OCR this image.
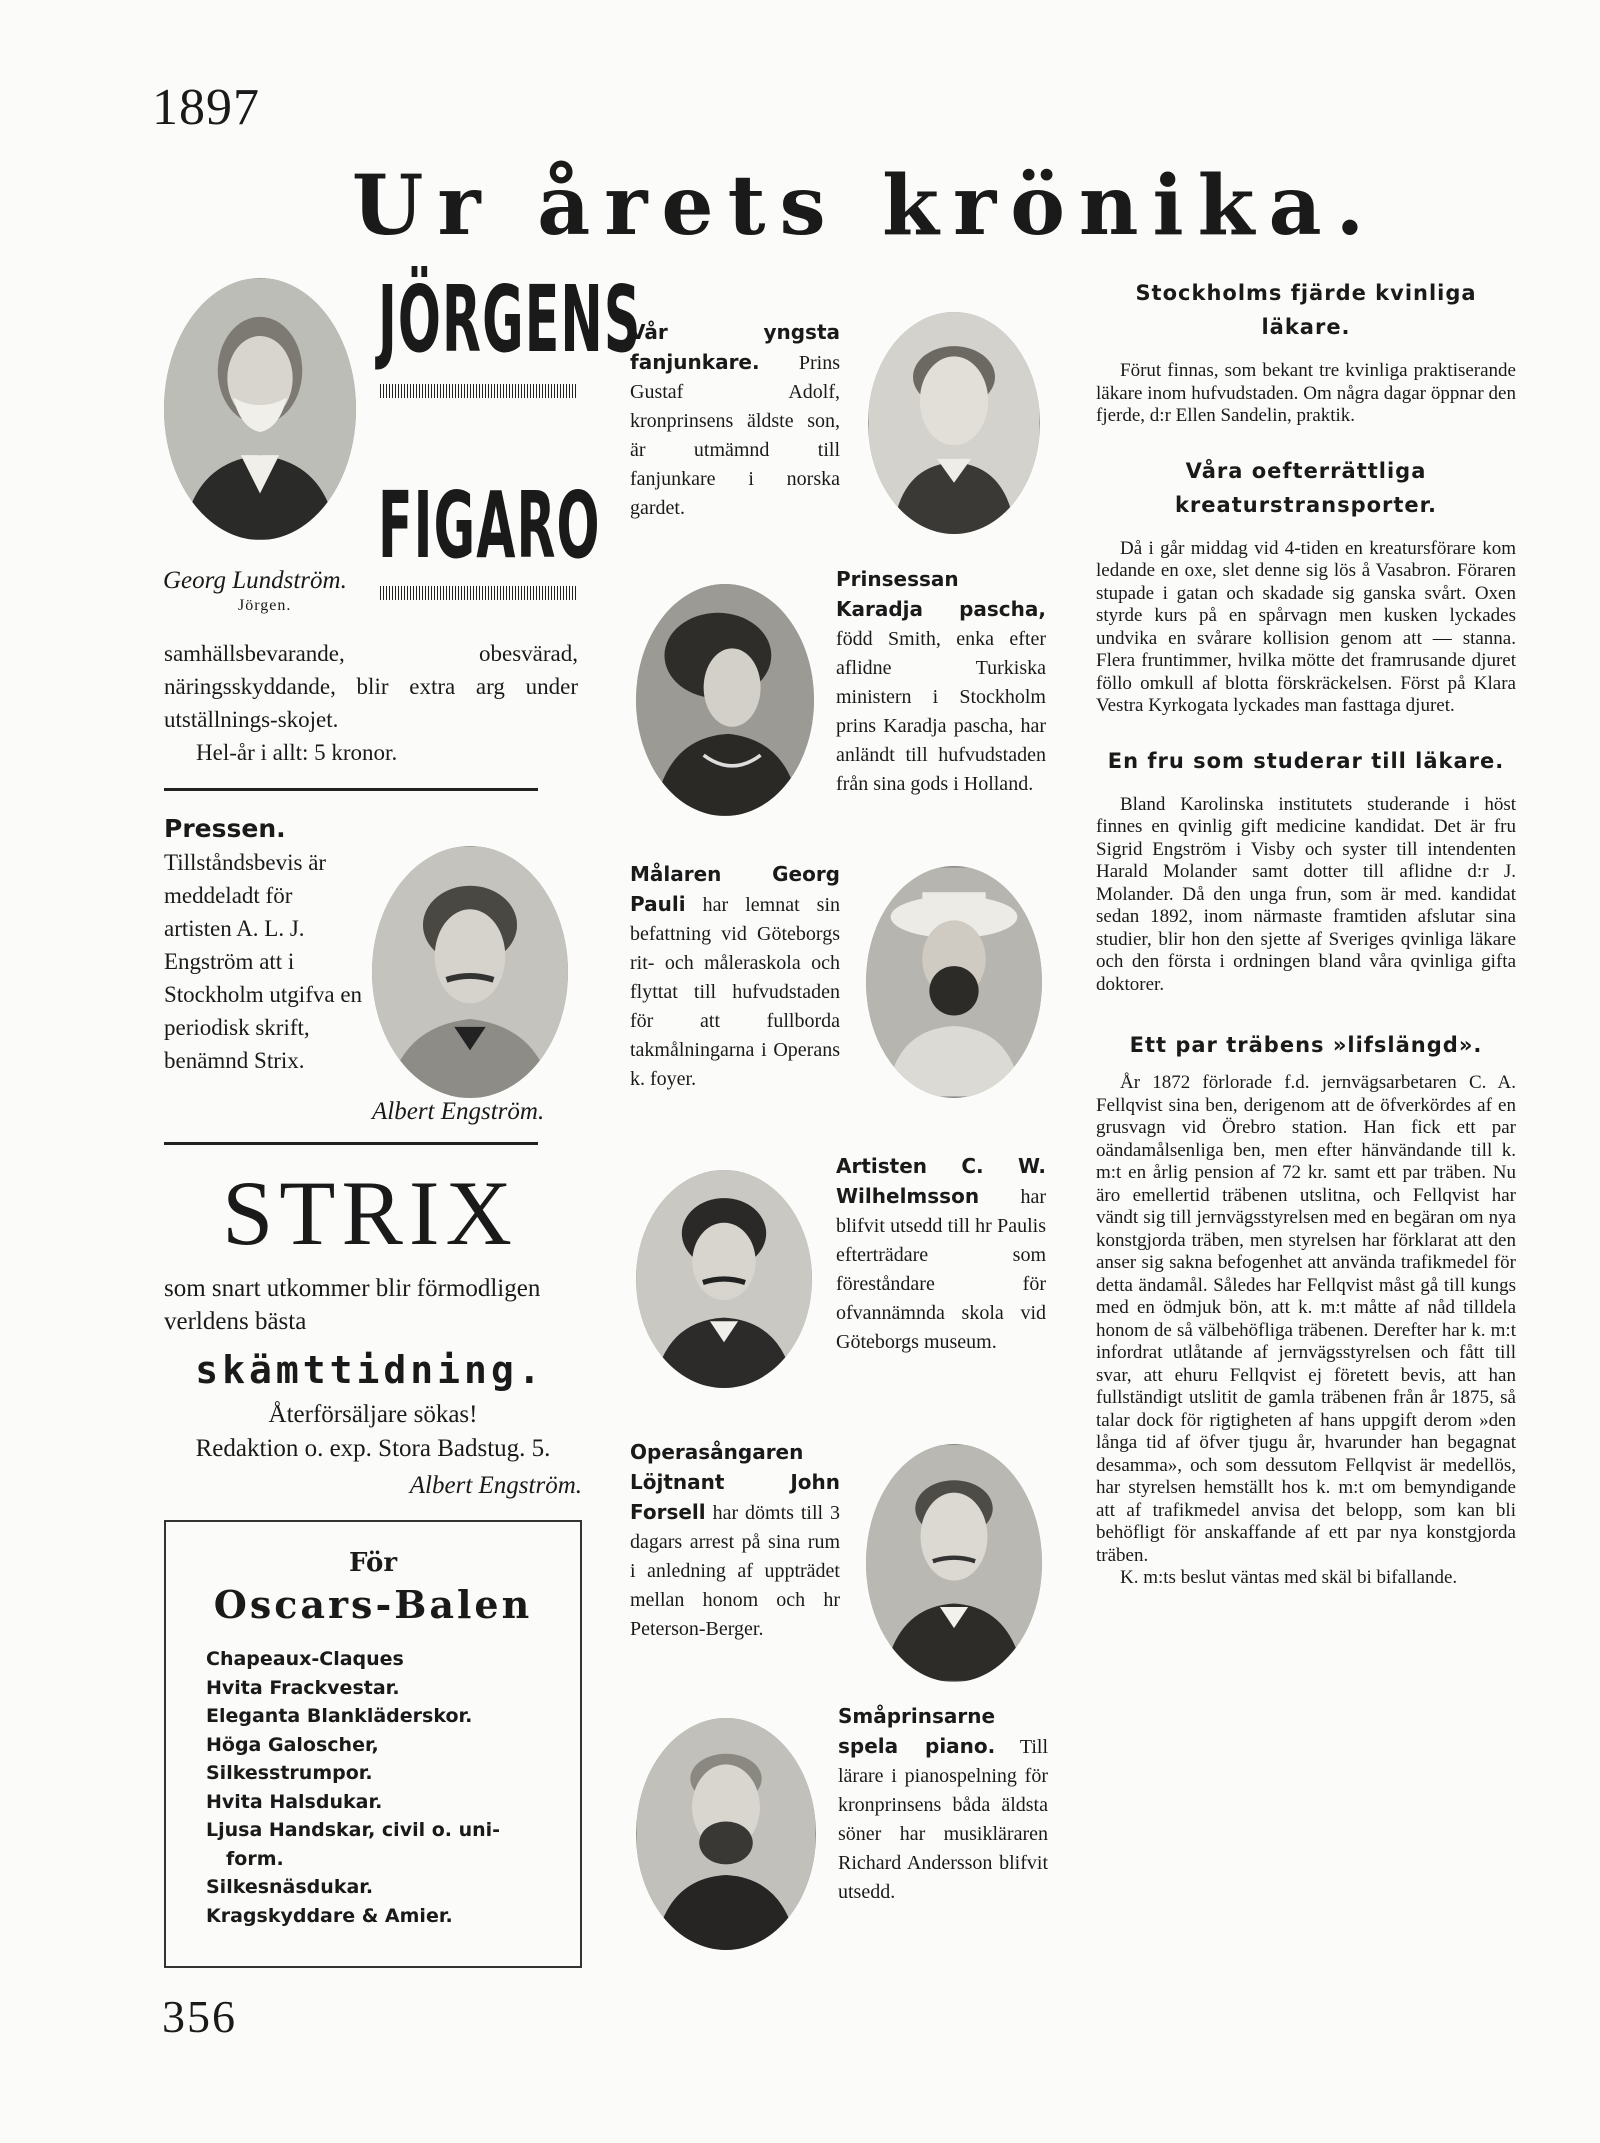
1897
Ur årets krönika.
Georg Lundström.
Jörgen.
JÖRGENS
FIGARO
samhällsbevarande, obesvärad, näringsskyddande, blir extra arg under utställnings-skojet.
Hel-år i allt: 5 kronor.
Pressen. Tillståndsbevis är meddeladt för artisten A. L. J. Engström att i Stockholm utgifva en periodisk skrift, benämnd Strix.
Albert Engström.
STRIX
som snart utkommer blir förmodligen verldens bästa
skämttidning.
Återförsäljare sökas!
Redaktion o. exp. Stora Badstug. 5.
Albert Engström.
För
Oscars-Balen
Chapeaux-Claques
Hvita Frackvestar.
Eleganta Blankläderskor.
Höga Galoscher,
Silkesstrumpor.
Hvita Halsdukar.
Ljusa Handskar, civil o. uni-
form.
Silkesnäsdukar.
Kragskyddare & Amier.
356
Vår yngsta fanjunkare. Prins Gustaf Adolf, kronprinsens äldste son, är utmämnd till fanjunkare i norska gardet.
Prinsessan Karadja pascha, född Smith, enka efter aflidne Turkiska ministern i Stockholm prins Karadja pascha, har anländt till hufvudstaden från sina gods i Holland.
Målaren Georg Pauli har lemnat sin befattning vid Göteborgs rit- och måleraskola och flyttat till hufvudstaden för att fullborda takmålningarna i Operans k. foyer.
Artisten C. W. Wilhelmsson har blifvit utsedd till hr Paulis efterträdare som föreståndare för ofvannämnda skola vid Göteborgs museum.
Operasångaren Löjtnant John Forsell har dömts till 3 dagars arrest på sina rum i anledning af uppträdet mellan honom och hr Peterson-Berger.
Småprinsarne spela piano. Till lärare i pianospelning för kronprinsens båda äldsta söner har musikläraren Richard Andersson blifvit utsedd.
Stockholms fjärde kvinliga läkare.

Förut finnas, som bekant tre kvinliga praktiserande läkare inom hufvudstaden. Om några dagar öppnar den fjerde, d:r Ellen Sandelin, praktik.

Våra oefterrättliga kreaturstransporter.

Då i går middag vid 4-tiden en kreatursförare kom ledande en oxe, slet denne sig lös å Vasabron. Föraren stupade i gatan och skadade sig ganska svårt. Oxen styrde kurs på en spårvagn men kusken lyckades undvika en svårare kollision genom att — stanna. Flera fruntimmer, hvilka mötte det framrusande djuret föllo omkull af blotta förskräckelsen. Först på Klara Vestra Kyrkogata lyckades man fasttaga djuret.

En fru som studerar till läkare.

Bland Karolinska institutets studerande i höst finnes en qvinlig gift medicine kandidat. Det är fru Sigrid Engström i Visby och syster till intendenten Harald Molander samt dotter till aflidne d:r J. Molander. Då den unga frun, som är med. kandidat sedan 1892, inom närmaste framtiden afslutar sina studier, blir hon den sjette af Sveriges qvinliga läkare och den första i ordningen bland våra qvinliga gifta doktorer.

Ett par träbens »lifslängd».

År 1872 förlorade f.d. jernvägsarbetaren C. A. Fellqvist sina ben, derigenom att de öfverkördes af en grusvagn vid Örebro station. Han fick ett par oändamålsenliga ben, men efter hänvändande till k. m:t en årlig pension af 72 kr. samt ett par träben. Nu äro emellertid träbenen utslitna, och Fellqvist har vändt sig till jernvägsstyrelsen med en begäran om nya konstgjorda träben, men styrelsen har förklarat att den anser sig sakna befogenhet att använda trafikmedel för detta ändamål. Således har Fellqvist måst gå till kungs med en ödmjuk bön, att k. m:t måtte af nåd tilldela honom de så välbehöfliga träbenen. Derefter har k. m:t infordrat utlåtande af jernvägsstyrelsen och fått till svar, att ehuru Fellqvist ej företett bevis, att han fullständigt utslitit de gamla träbenen från år 1875, så talar dock för rigtigheten af hans uppgift derom »den långa tid af öfver tjugu år, hvarunder han begagnat desamma», och som dessutom Fellqvist är medellös, har styrelsen hemställt hos k. m:t om bemyndigande att af trafikmedel anvisa det belopp, som kan bli behöfligt för anskaffande af ett par nya konstgjorda träben.

K. m:ts beslut väntas med skäl bi bifallande.
